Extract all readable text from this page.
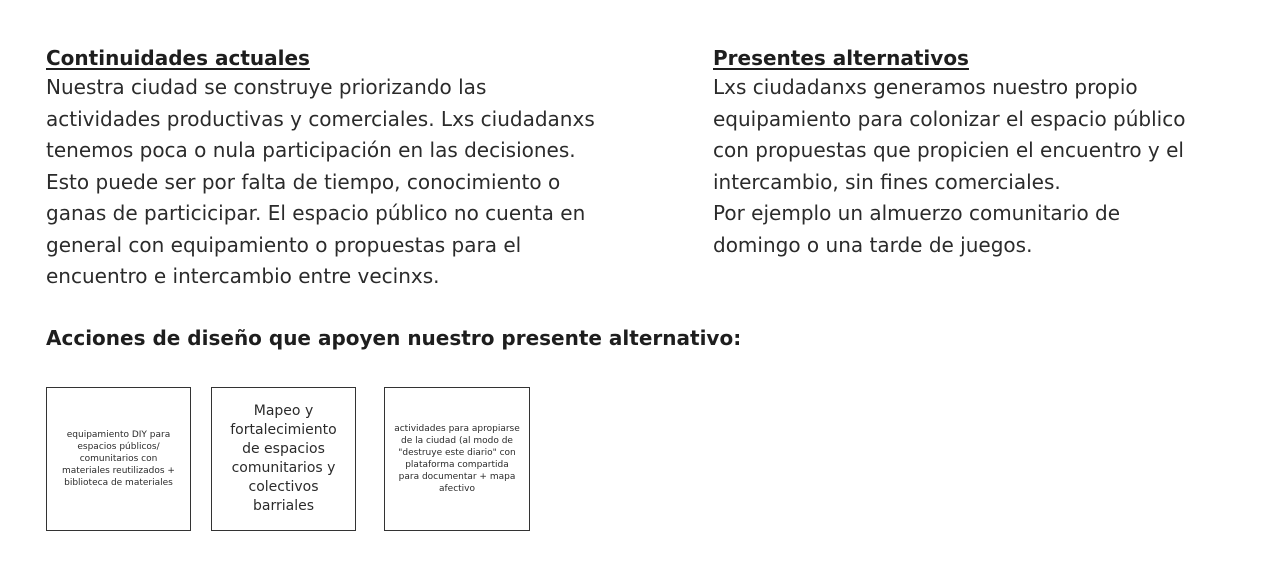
Continuidades actuales

Nuestra ciudad se construye priorizando las
actividades productivas y comerciales. Lxs ciudadanxs
tenemos poca o nula participación en las decisiones.
Esto puede ser por falta de tiempo, conocimiento o
ganas de particicipar. El espacio público no cuenta en
general con equipamiento o propuestas para el
encuentro e intercambio entre vecinxs.

Presentes alternativos

Lxs ciudadanxs generamos nuestro propio
equipamiento para colonizar el espacio público
con propuestas que propicien el encuentro y el
intercambio, sin fines comerciales.
Por ejemplo un almuerzo comunitario de
domingo o una tarde de juegos.

Acciones de diseño que apoyen nuestro presente alternativo:
equipamiento DIY para espacios públicos/ comunitarios con materiales reutilizados + biblioteca de materiales
Mapeo y fortalecimiento de espacios comunitarios y colectivos barriales
actividades para apropiarse de la ciudad (al modo de "destruye este diario" con plataforma compartida para documentar + mapa afectivo
